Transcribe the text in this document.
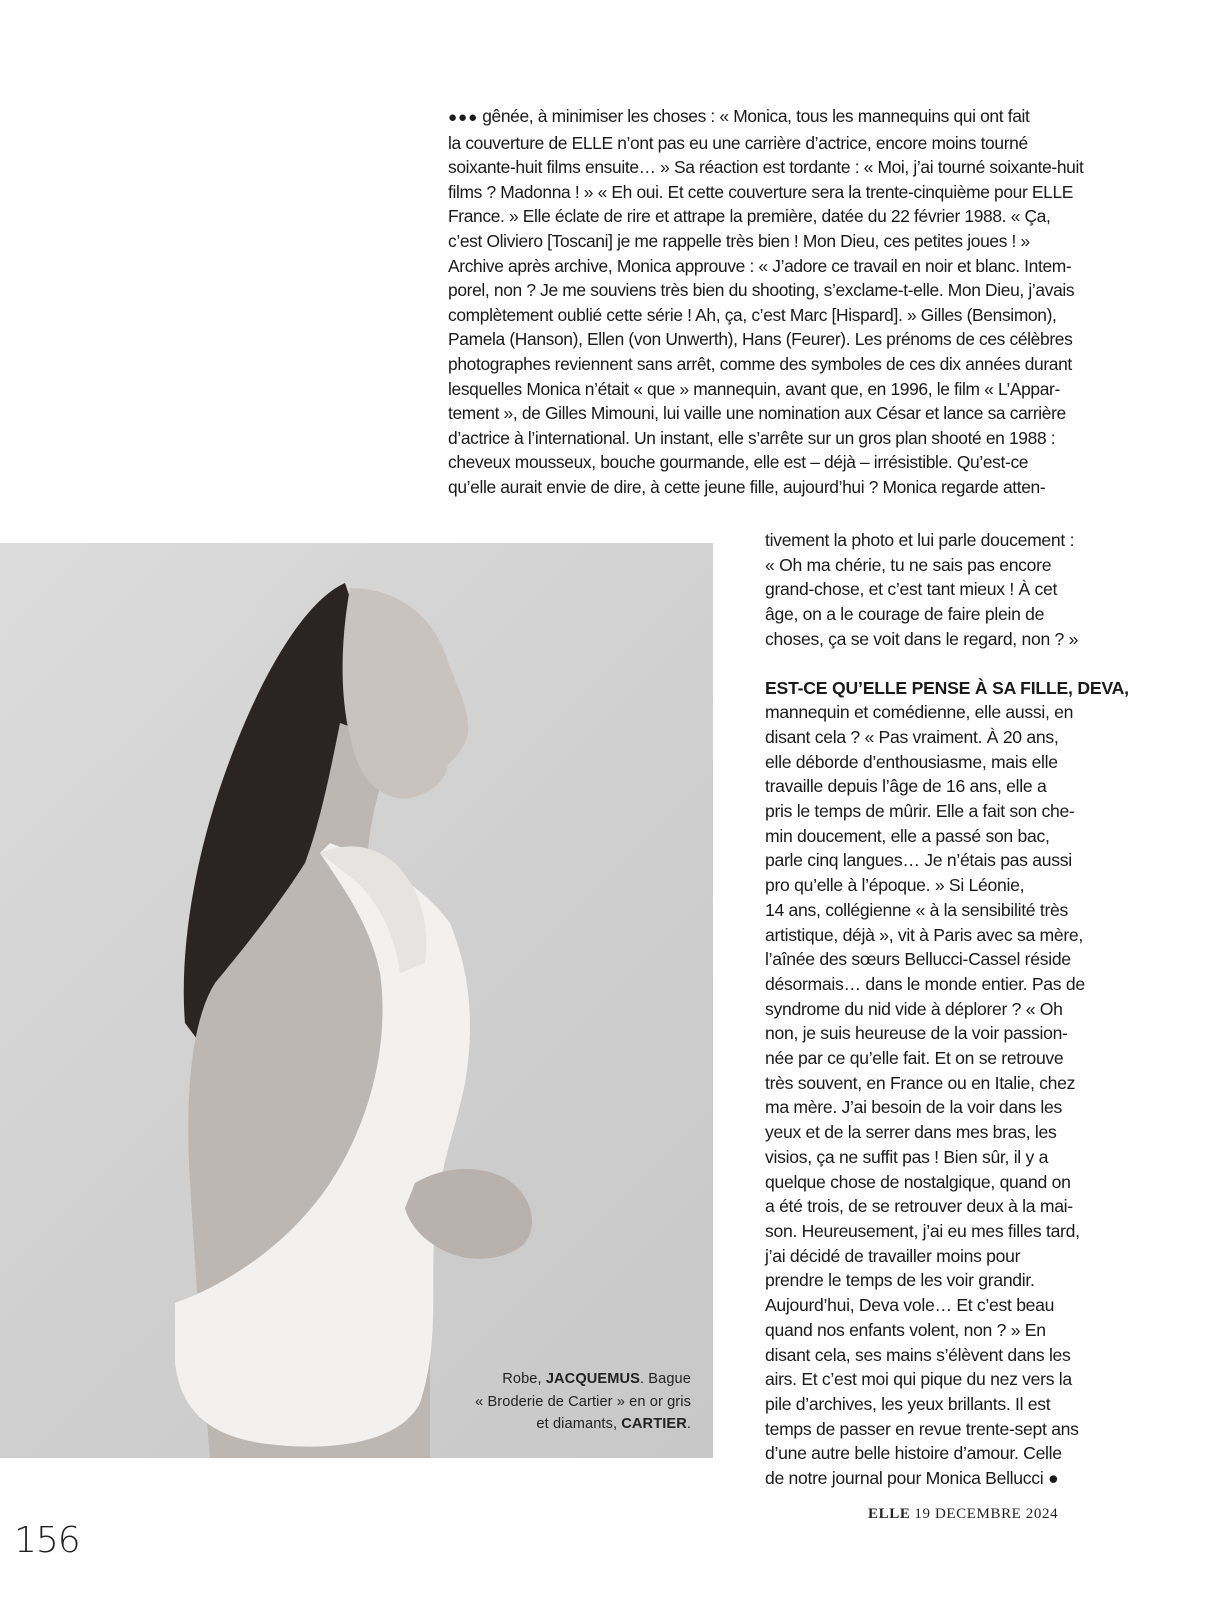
●●● gênée, à minimiser les choses : « Monica, tous les mannequins qui ont fait
la couverture de ELLE n’ont pas eu une carrière d’actrice, encore moins tourné
soixante-huit films ensuite… » Sa réaction est tordante : « Moi, j’ai tourné soixante-huit
films ? Madonna ! » « Eh oui. Et cette couverture sera la trente-cinquième pour ELLE
France. » Elle éclate de rire et attrape la première, datée du 22 février 1988. « Ça,
c’est Oliviero [Toscani] je me rappelle très bien ! Mon Dieu, ces petites joues ! »
Archive après archive, Monica approuve : « J’adore ce travail en noir et blanc. Intem-
porel, non ? Je me souviens très bien du shooting, s’exclame-t-elle. Mon Dieu, j’avais
complètement oublié cette série ! Ah, ça, c’est Marc [Hispard]. » Gilles (Bensimon),
Pamela (Hanson), Ellen (von Unwerth), Hans (Feurer). Les prénoms de ces célèbres
photographes reviennent sans arrêt, comme des symboles de ces dix années durant
lesquelles Monica n’était « que » mannequin, avant que, en 1996, le film « L’Appar-
tement », de Gilles Mimouni, lui vaille une nomination aux César et lance sa carrière
d’actrice à l’international. Un instant, elle s’arrête sur un gros plan shooté en 1988 :
cheveux mousseux, bouche gourmande, elle est – déjà – irrésistible. Qu’est-ce
qu’elle aurait envie de dire, à cette jeune fille, aujourd’hui ? Monica regarde atten-
Robe, JACQUEMUS. Bague
« Broderie de Cartier » en or gris
et diamants, CARTIER.
tivement la photo et lui parle doucement :
« Oh ma chérie, tu ne sais pas encore
grand-chose, et c’est tant mieux ! À cet
âge, on a le courage de faire plein de
choses, ça se voit dans le regard, non ? »
EST-CE QU’ELLE PENSE À SA FILLE, DEVA,
mannequin et comédienne, elle aussi, en
disant cela ? « Pas vraiment. À 20 ans,
elle déborde d’enthousiasme, mais elle
travaille depuis l’âge de 16 ans, elle a
pris le temps de mûrir. Elle a fait son che-
min doucement, elle a passé son bac,
parle cinq langues… Je n’étais pas aussi
pro qu’elle à l’époque. » Si Léonie,
14 ans, collégienne « à la sensibilité très
artistique, déjà », vit à Paris avec sa mère,
l’aînée des sœurs Bellucci-Cassel réside
désormais… dans le monde entier. Pas de
syndrome du nid vide à déplorer ? « Oh
non, je suis heureuse de la voir passion-
née par ce qu’elle fait. Et on se retrouve
très souvent, en France ou en Italie, chez
ma mère. J’ai besoin de la voir dans les
yeux et de la serrer dans mes bras, les
visios, ça ne suffit pas ! Bien sûr, il y a
quelque chose de nostalgique, quand on
a été trois, de se retrouver deux à la mai-
son. Heureusement, j’ai eu mes filles tard,
j’ai décidé de travailler moins pour
prendre le temps de les voir grandir.
Aujourd’hui, Deva vole… Et c’est beau
quand nos enfants volent, non ? » En
disant cela, ses mains s’élèvent dans les
airs. Et c’est moi qui pique du nez vers la
pile d’archives, les yeux brillants. Il est
temps de passer en revue trente-sept ans
d’une autre belle histoire d’amour. Celle
de notre journal pour Monica Bellucci ●
ELLE 19 DECEMBRE 2024
156
